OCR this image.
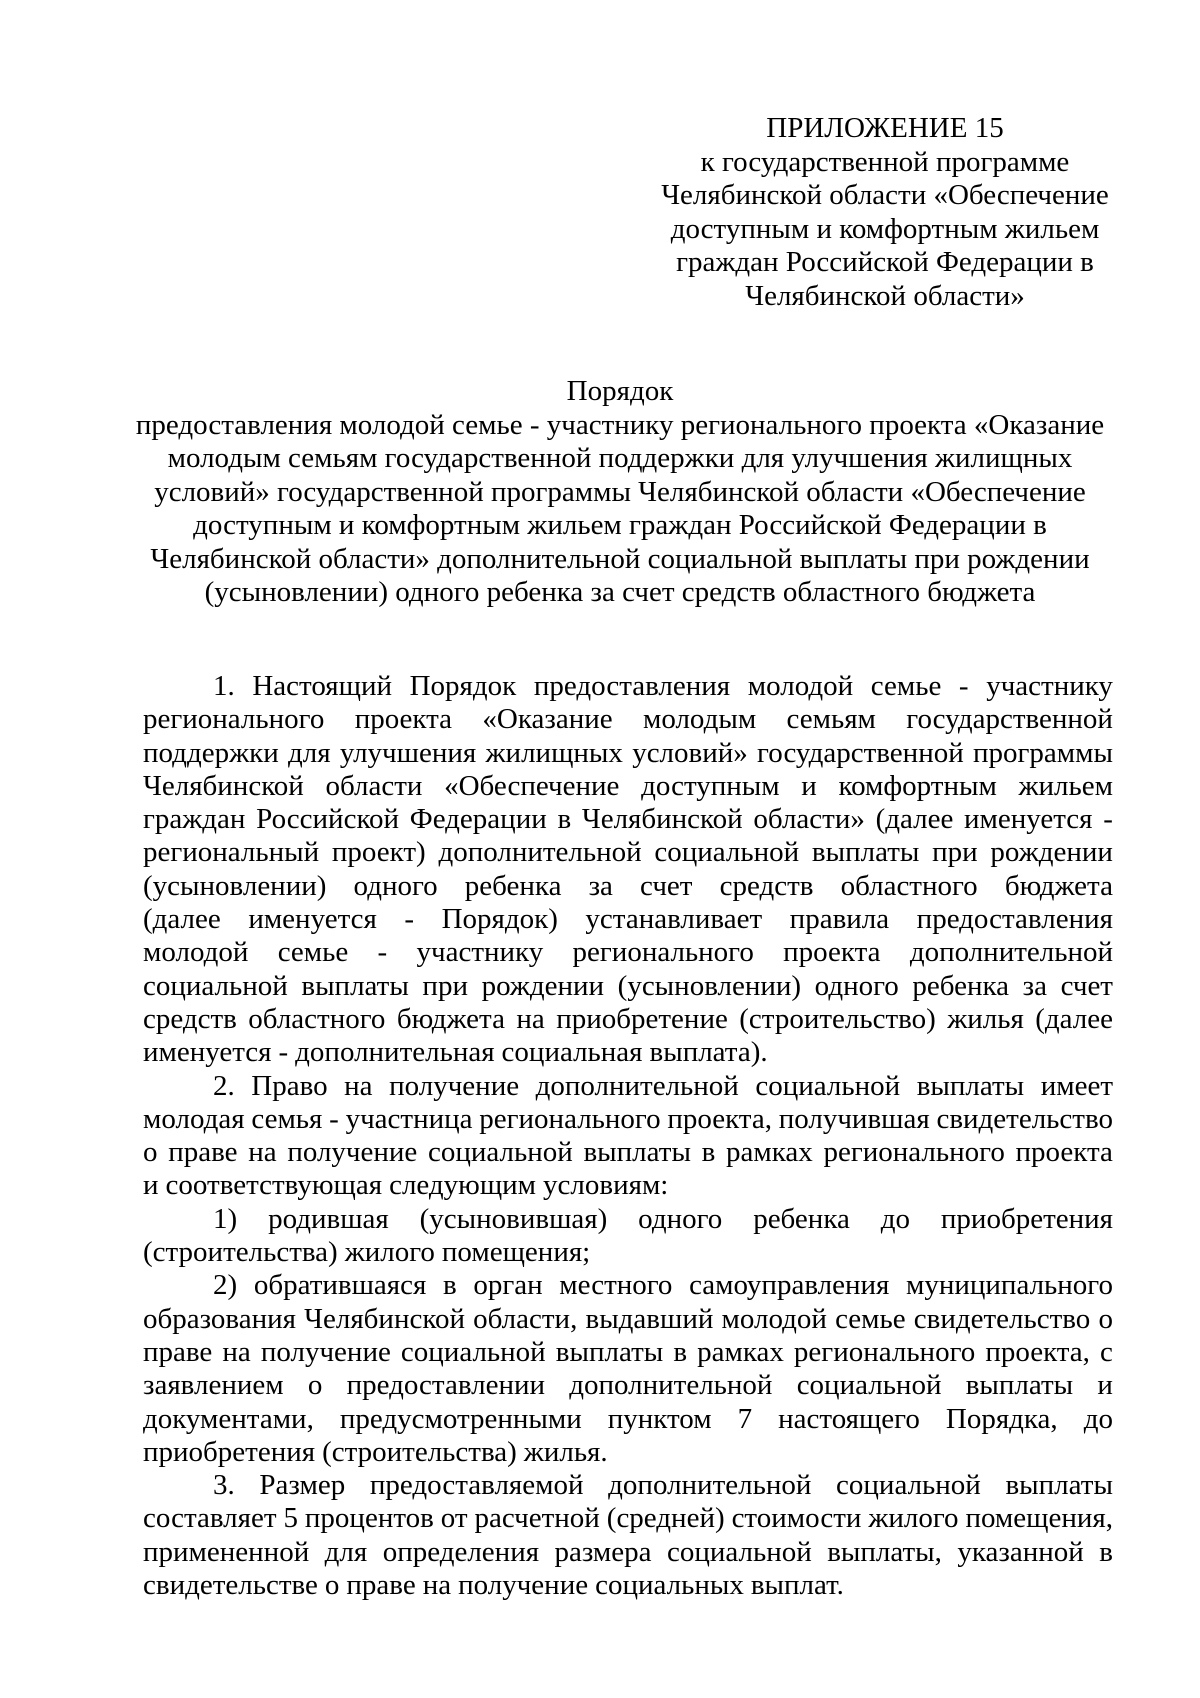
ПРИЛОЖЕНИЕ 15
к государственной программе
Челябинской области «Обеспечение
доступным и комфортным жильем
граждан Российской Федерации в
Челябинской области»
Порядок
предоставления молодой семье - участнику регионального проекта «Оказание
молодым семьям государственной поддержки для улучшения жилищных
условий» государственной программы Челябинской области «Обеспечение
доступным и комфортным жильем граждан Российской Федерации в
Челябинской области» дополнительной социальной выплаты при рождении
(усыновлении) одного ребенка за счет средств областного бюджета
1. Настоящий Порядок предоставления молодой семье - участнику
регионального проекта «Оказание молодым семьям государственной
поддержки для улучшения жилищных условий» государственной программы
Челябинской области «Обеспечение доступным и комфортным жильем
граждан Российской Федерации в Челябинской области» (далее именуется -
региональный проект) дополнительной социальной выплаты при рождении
(усыновлении) одного ребенка за счет средств областного бюджета
(далее именуется - Порядок) устанавливает правила предоставления
молодой семье - участнику регионального проекта дополнительной
социальной выплаты при рождении (усыновлении) одного ребенка за счет
средств областного бюджета на приобретение (строительство) жилья (далее
именуется - дополнительная социальная выплата).
2. Право на получение дополнительной социальной выплаты имеет
молодая семья - участница регионального проекта, получившая свидетельство
о праве на получение социальной выплаты в рамках регионального проекта
и соответствующая следующим условиям:
1) родившая (усыновившая) одного ребенка до приобретения
(строительства) жилого помещения;
2) обратившаяся в орган местного самоуправления муниципального
образования Челябинской области, выдавший молодой семье свидетельство о
праве на получение социальной выплаты в рамках регионального проекта, с
заявлением о предоставлении дополнительной социальной выплаты и
документами, предусмотренными пунктом 7 настоящего Порядка, до
приобретения (строительства) жилья.
3. Размер предоставляемой дополнительной социальной выплаты
составляет 5 процентов от расчетной (средней) стоимости жилого помещения,
примененной для определения размера социальной выплаты, указанной в
свидетельстве о праве на получение социальных выплат.
